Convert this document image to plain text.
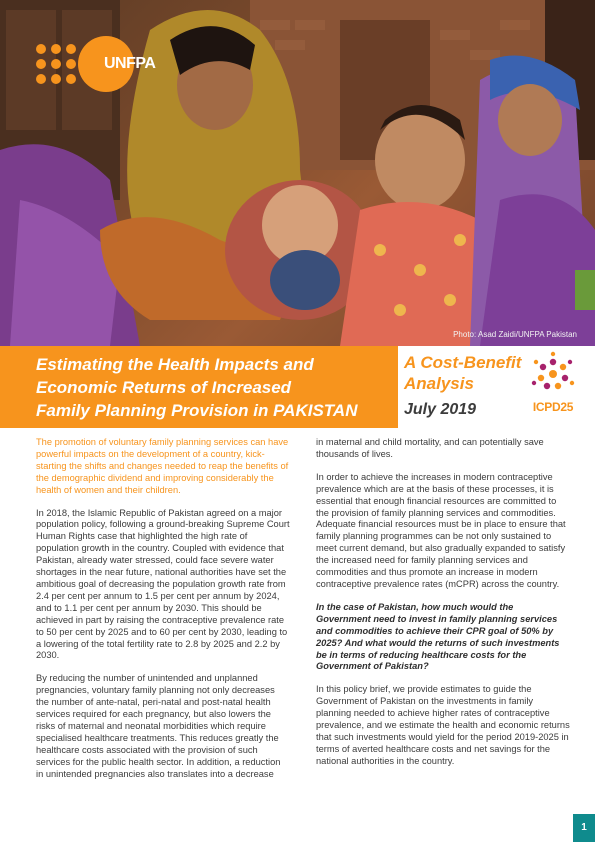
UNFPA
Photo: Asad Zaidi/UNFPA Pakistan
Estimating the Health Impacts and
Economic Returns of Increased
Family Planning Provision in PAKISTAN
A Cost-Benefit
Analysis
July 2019	ICPD25

The promotion of voluntary family planning services can have powerful impacts on the development of a country, kick-starting the shifts and changes needed to reap the benefits of the demographic dividend and improving considerably the health of women and their children.

In 2018, the Islamic Republic of Pakistan agreed on a major population policy, following a ground-breaking Supreme Court Human Rights case that highlighted the high rate of population growth in the country. Coupled with evidence that Pakistan, already water stressed, could face severe water shortages in the near future, national authorities have set the ambitious goal of decreasing the population growth rate from 2.4 per cent per annum to 1.5 per cent per annum by 2024, and to 1.1 per cent per annum by 2030. This should be achieved in part by raising the contraceptive prevalence rate to 50 per cent by 2025 and to 60 per cent by 2030, leading to a lowering of the total fertility rate to 2.8 by 2025 and 2.2 by 2030.

By reducing the number of unintended and unplanned pregnancies, voluntary family planning not only decreases the number of ante-natal, peri-natal and post-natal health services required for each pregnancy, but also lowers the risks of maternal and neonatal morbidities which require specialised healthcare treatments. This reduces greatly the healthcare costs associated with the provision of such services for the public health sector. In addition, a reduction in unintended pregnancies also translates into a decrease

in maternal and child mortality, and can potentially save thousands of lives.

In order to achieve the increases in modern contraceptive prevalence which are at the basis of these processes, it is essential that enough financial resources are committed to the provision of family planning services and commodities. Adequate financial resources must be in place to ensure that family planning programmes can be not only sustained to meet current demand, but also gradually expanded to satisfy the increased need for family planning services and commodities and thus promote an increase in modern contraceptive prevalence rates (mCPR) across the country.

In the case of Pakistan, how much would the Government need to invest in family planning services and commodities to achieve their CPR goal of 50% by 2025? And what would the returns of such investments be in terms of reducing healthcare costs for the Government of Pakistan?

In this policy brief, we provide estimates to guide the Government of Pakistan on the investments in family planning needed to achieve higher rates of contraceptive prevalence, and we estimate the health and economic returns that such investments would yield for the period 2019-2025 in terms of averted healthcare costs and net savings for the national authorities in the country.

1
